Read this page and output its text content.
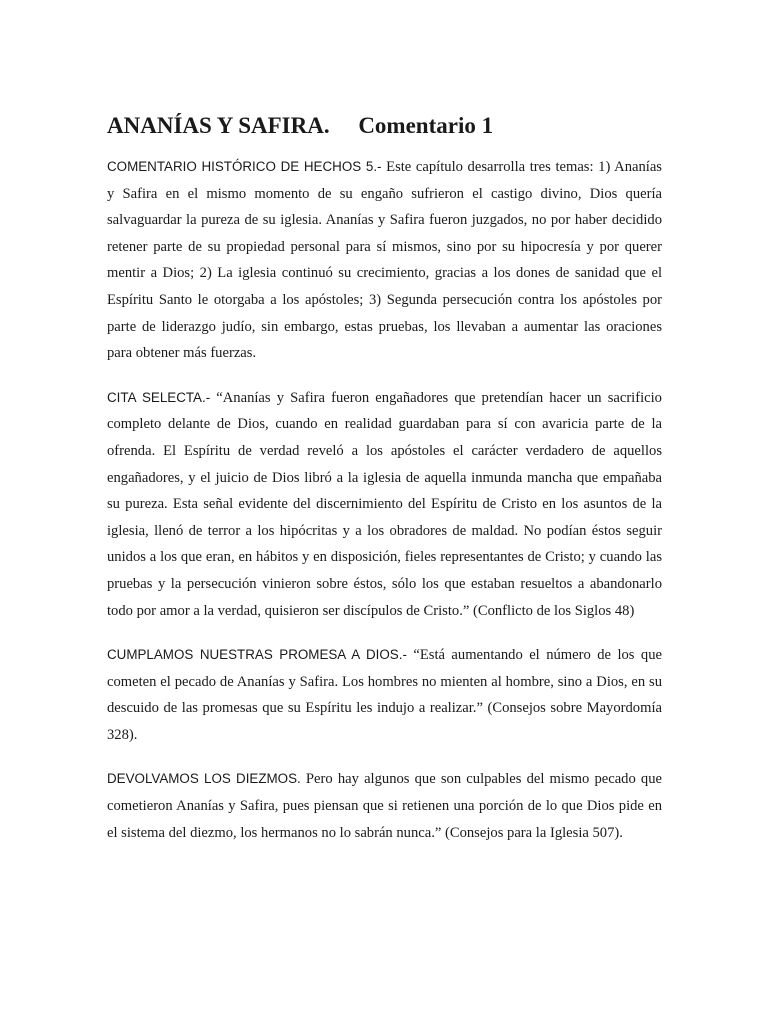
ANANÍAS Y SAFIRA.     Comentario 1

COMENTARIO HISTÓRICO DE HECHOS 5.- Este capítulo desarrolla tres temas: 1) Ananías y Safira en el mismo momento de su engaño sufrieron el castigo divino, Dios quería salvaguardar la pureza de su iglesia. Ananías y Safira fueron juzgados, no por haber decidido retener parte de su propiedad personal para sí mismos, sino por su hipocresía y por querer mentir a Dios; 2) La iglesia continuó su crecimiento, gracias a los dones de sanidad que el Espíritu Santo le otorgaba a los apóstoles; 3) Segunda persecución contra los apóstoles por parte de liderazgo judío, sin embargo, estas pruebas, los llevaban a aumentar las oraciones para obtener más fuerzas.

CITA SELECTA.- “Ananías y Safira fueron engañadores que pretendían hacer un sacrificio completo delante de Dios, cuando en realidad guardaban para sí con avaricia parte de la ofrenda. El Espíritu de verdad reveló a los apóstoles el carácter verdadero de aquellos engañadores, y el juicio de Dios libró a la iglesia de aquella inmunda mancha que empañaba su pureza. Esta señal evidente del discernimiento del Espíritu de Cristo en los asuntos de la iglesia, llenó de terror a los hipócritas y a los obradores de maldad. No podían éstos seguir unidos a los que eran, en hábitos y en disposición, fieles representantes de Cristo; y cuando las pruebas y la persecución vinieron sobre éstos, sólo los que estaban resueltos a abandonarlo todo por amor a la verdad, quisieron ser discípulos de Cristo.” (Conflicto de los Siglos 48)

CUMPLAMOS NUESTRAS PROMESA A DIOS.- “Está aumentando el número de los que cometen el pecado de Ananías y Safira. Los hombres no mienten al hombre, sino a Dios, en su descuido de las promesas que su Espíritu les indujo a realizar.” (Consejos sobre Mayordomía 328).

DEVOLVAMOS LOS DIEZMOS. Pero hay algunos que son culpables del mismo pecado que cometieron Ananías y Safira, pues piensan que si retienen una porción de lo que Dios pide en el sistema del diezmo, los hermanos no lo sabrán nunca.” (Consejos para la Iglesia 507).
